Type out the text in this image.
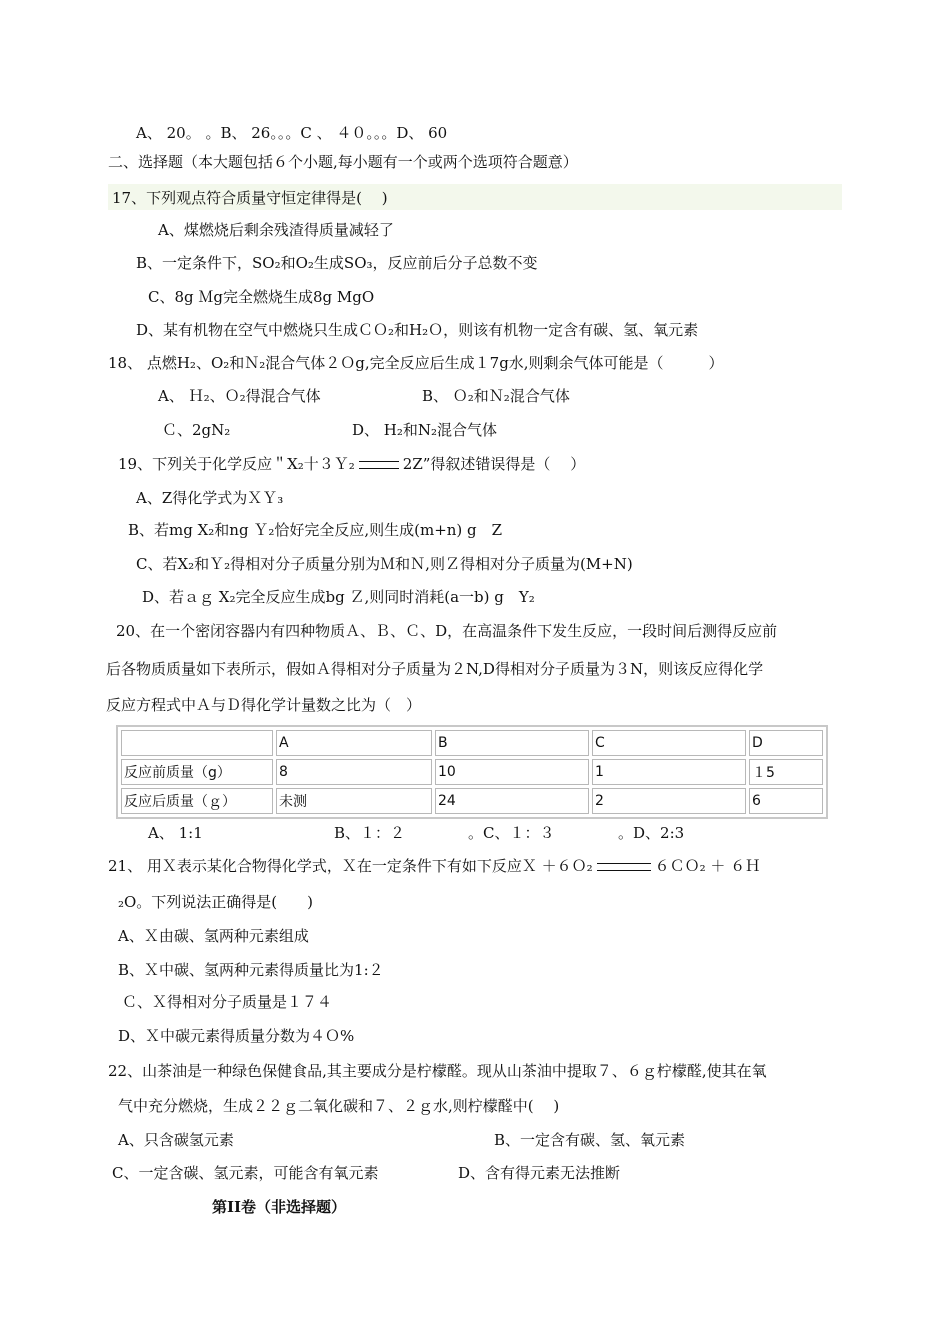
A、 20。 。B、 26。。。C 、 ４０。。。D、 60
二、选择题（本大题包括６个小题,每小题有一个或两个选项符合题意）
17、下列观点符合质量守恒定律得是(　 )
A、煤燃烧后剩余残渣得质量减轻了
B、一定条件下，SO₂和O₂生成SO₃，反应前后分子总数不变
C、8g Ｍg完全燃烧生成8g MgO
D、某有机物在空气中燃烧只生成ＣＯ₂和H₂Ｏ，则该有机物一定含有碳、氢、氧元素
18、 点燃H₂、O₂和Ｎ₂混合气体２Ｏg,完全反应后生成１7g水,则剩余气体可能是（　　　）
A、 Ｈ₂、Ｏ₂得混合气体	B、 Ｏ₂和Ｎ₂混合气体
Ｃ、2gN₂	D、 H₂和N₂混合气体
19、下列关于化学反应＂X₂十３Ｙ₂	2Z”得叙述错误得是（　 ）
A、Z得化学式为ＸＹ₃
B、若mg X₂和ng Ｙ₂恰好完全反应,则生成(m+n) g　Z
C、若X₂和Ｙ₂得相对分子质量分别为Ｍ和Ｎ,则Ｚ得相对分子质量为(M+N)
D、若ａｇ X₂完全反应生成bg Ｚ,则同时消耗(a一b) g　Y₂
20、在一个密闭容器内有四种物质Ａ、Ｂ、Ｃ、D，在高温条件下发生反应，一段时间后测得反应前
后各物质质量如下表所示，假如Ａ得相对分子质量为２N,D得相对分子质量为３N，则该反应得化学
反应方程式中Ａ与Ｄ得化学计量数之比为（　）
	A	B	C	D
反应前质量（g）	8	10	1	１5
反应后质量（ｇ）	未测	24	2	6
A、 1:1	B、１：２	。C、１：３	。D、2:3
21、 用Ｘ表示某化合物得化学式，Ｘ在一定条件下有如下反应Ｘ ＋６Ｏ₂	６ＣＯ₂ ＋ ６Ｈ
₂O。下列说法正确得是(　　)
A、Ｘ由碳、氢两种元素组成
B、Ｘ中碳、氢两种元素得质量比为1:２
Ｃ、Ｘ得相对分子质量是１７４
D、Ｘ中碳元素得质量分数为４Ｏ%
22、山茶油是一种绿色保健食品,其主要成分是柠檬醛。现从山茶油中提取７、６ｇ柠檬醛,使其在氧
气中充分燃烧，生成２２ｇ二氧化碳和７、２ｇ水,则柠檬醛中(　 )
A、只含碳氢元素	B、一定含有碳、氢、氧元素
C、一定含碳、氢元素，可能含有氧元素	D、含有得元素无法推断
第II卷（非选择题）
